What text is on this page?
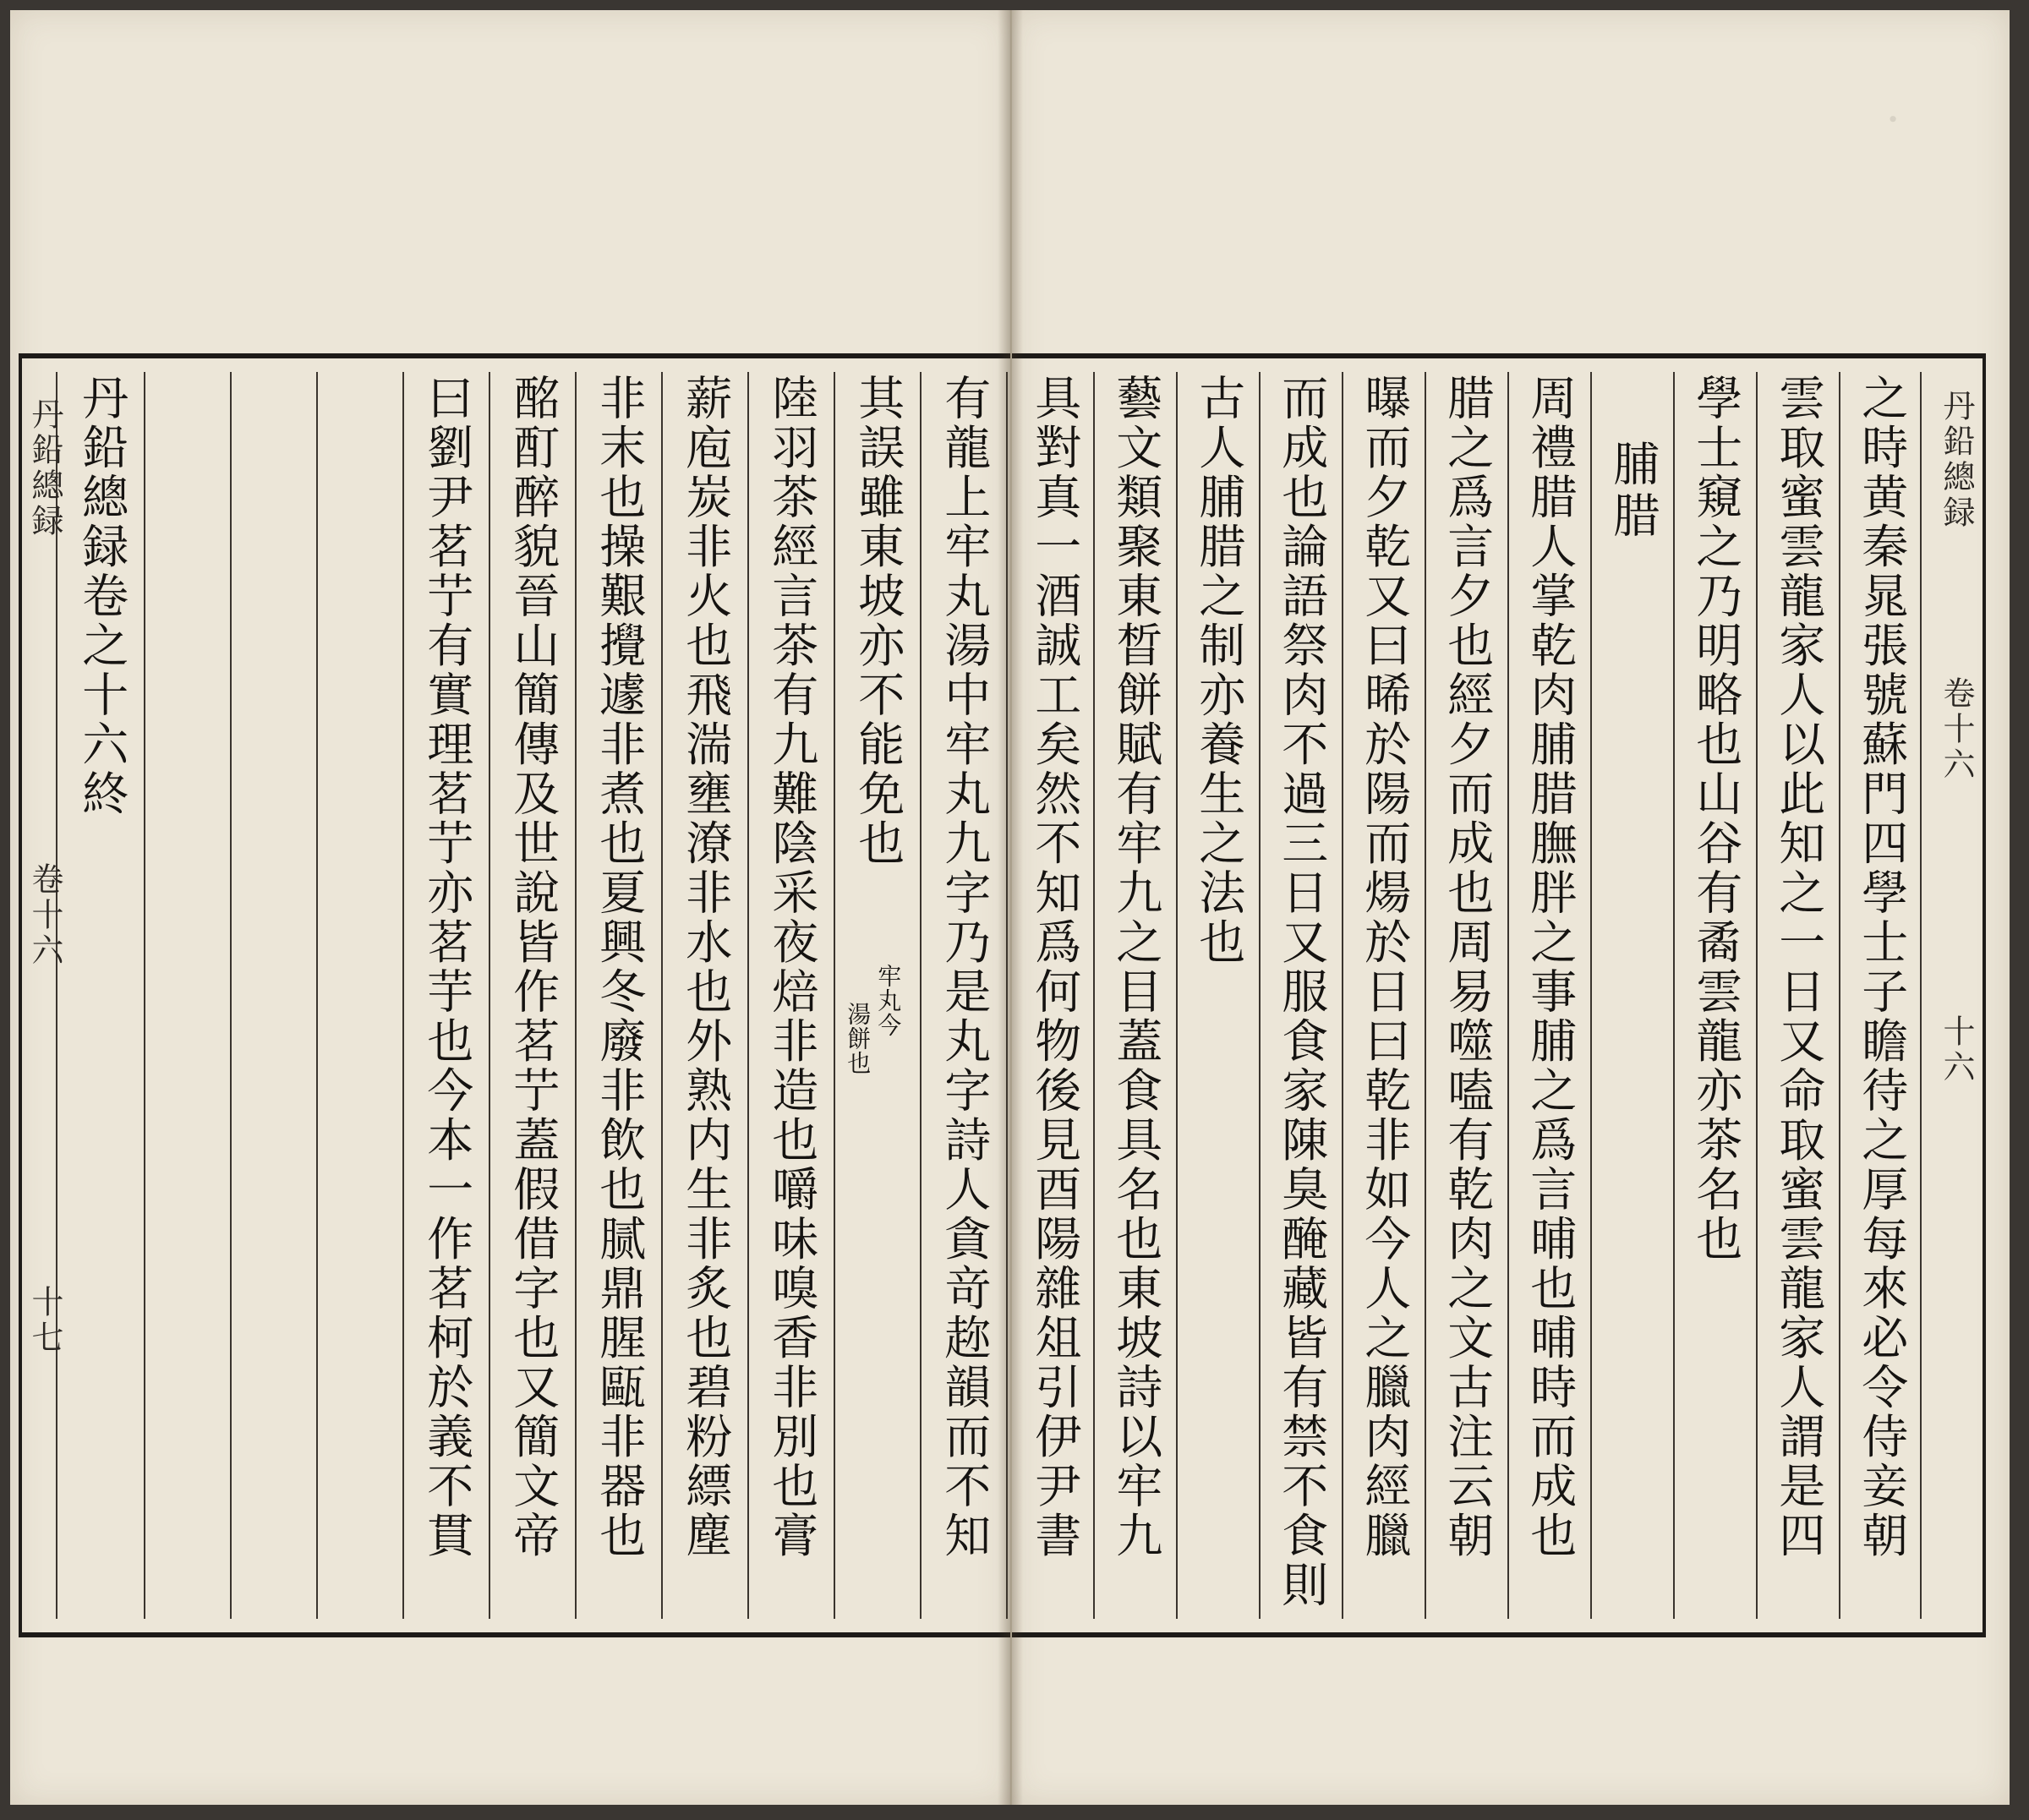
有龍上牢丸湯中牢丸九字乃是丸字詩人貪竒趂韻而不知
其誤雖東坡亦不能免也
牢丸今
湯餅也
陸羽茶經言茶有九難陰采夜焙非造也嚼味嗅香非別也膏
薪庖炭非火也飛湍壅潦非水也外熟内生非炙也碧粉縹塵
非末也操艱攪遽非煮也夏興冬廢非飲也腻鼎腥甌非器也
酩酊醉貌晉山簡傳及世說皆作茗艼蓋假借字也又簡文帝
曰劉尹茗艼有實理茗艼亦茗芋也今本一作茗柯於義不貫
丹鉛總録卷之十六終
丹鉛總録
卷十六
十七
·
丹鉛總録
卷十六
十六
之時黄秦晁張號蘇門四學士子瞻待之厚每來必令侍妾朝
雲取蜜雲龍家人以此知之一日又命取蜜雲龍家人謂是四
學士窺之乃明略也山谷有矞雲龍亦茶名也
脯腊
周禮腊人掌乾肉脯腊膴胖之事脯之爲言晡也晡時而成也
腊之爲言夕也經夕而成也周易噬嗑有乾肉之文古注云朝
曝而夕乾又曰晞於陽而煬於日曰乾非如今人之臘肉經臘
而成也論語祭肉不過三日又服食家陳臭醃藏皆有禁不食則
古人脯腊之制亦養生之法也
藝文類聚東晳餅賦有牢九之目蓋食具名也東坡詩以牢九
具對真一酒誠工矣然不知爲何物後見酉陽雜俎引伊尹書
